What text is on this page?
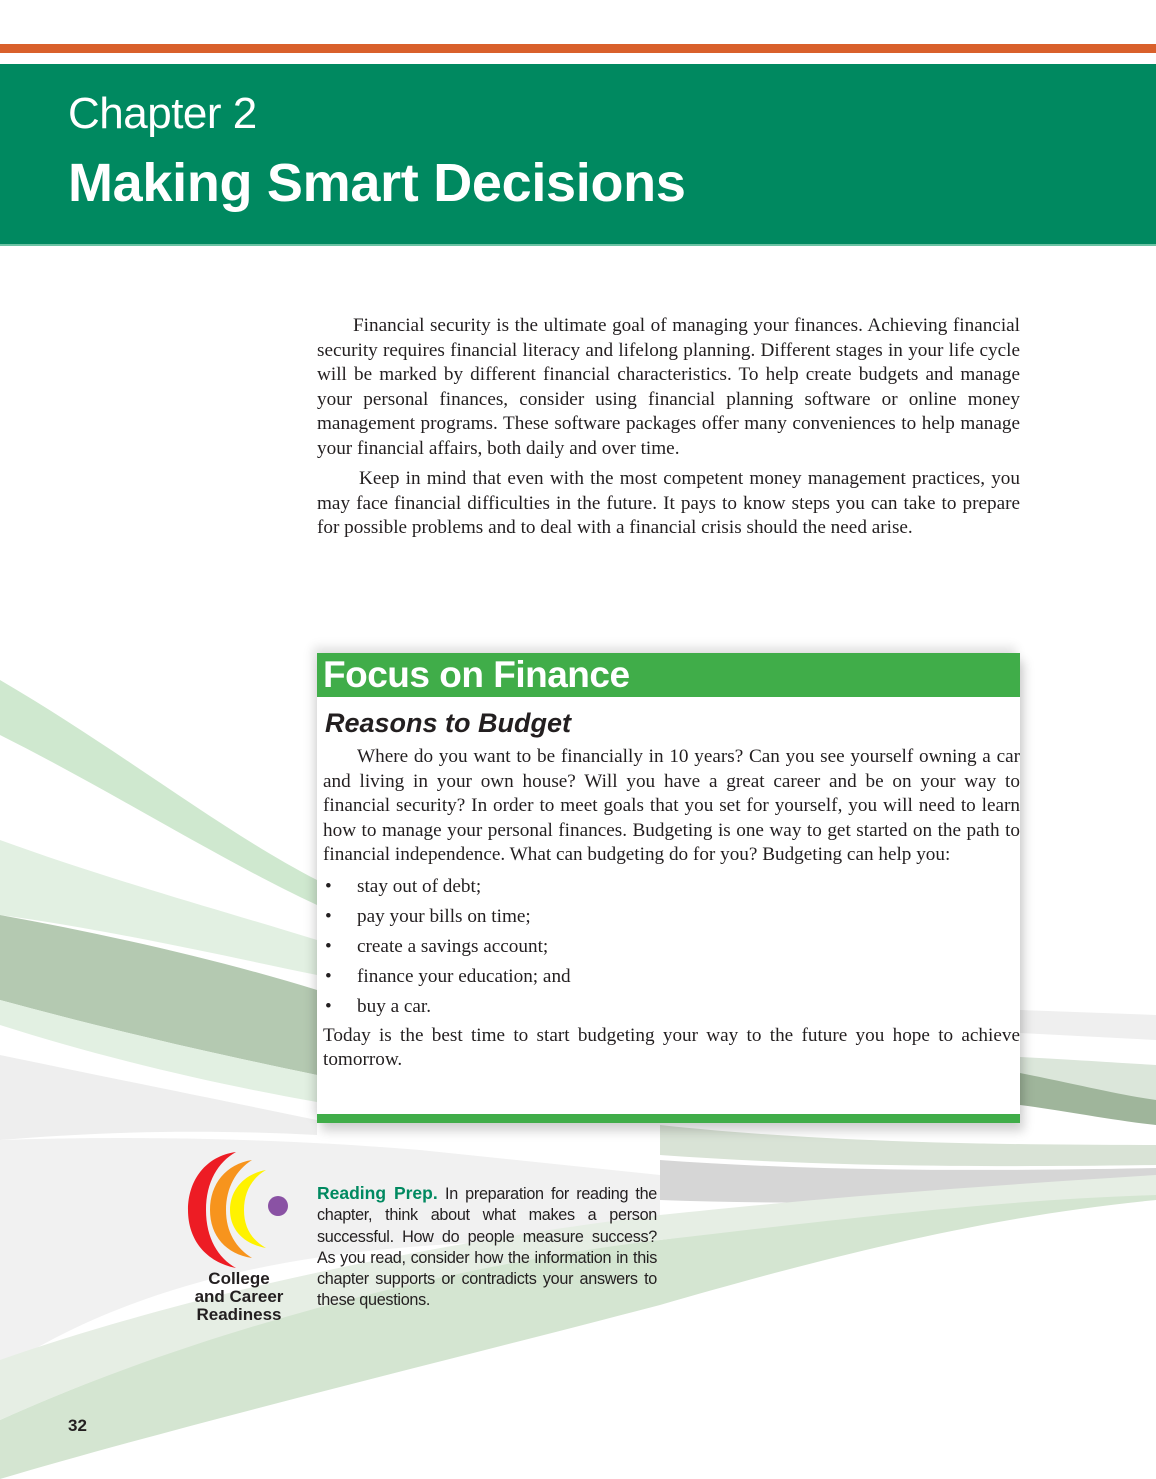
Chapter 2
Making Smart Decisions

Financial security is the ultimate goal of managing your finances. Achieving financial security requires financial literacy and lifelong planning. Different stages in your life cycle will be marked by different financial characteristics. To help create budgets and manage your personal finances, consider using financial planning software or online money management programs. These software packages offer many conveniences to help manage your financial affairs, both daily and over time.

Keep in mind that even with the most competent money management practices, you may face financial difficulties in the future. It pays to know steps you can take to prepare for possible problems and to deal with a financial crisis should the need arise.

Focus on Finance
Reasons to Budget

Where do you want to be financially in 10 years? Can you see yourself owning a car and living in your own house? Will you have a great career and be on your way to financial security? In order to meet goals that you set for yourself, you will need to learn how to manage your personal finances. Budgeting is one way to get started on the path to financial independence. What can budgeting do for you? Budgeting can help you:

• stay out of debt;
• pay your bills on time;
• create a savings account;
• finance your education; and
• buy a car.

Today is the best time to start budgeting your way to the future you hope to achieve tomorrow.

College
and Career
Readiness

Reading Prep. In preparation for reading the chapter, think about what makes a person successful. How do people measure success? As you read, consider how the information in this chapter supports or contradicts your answers to these questions.

32
